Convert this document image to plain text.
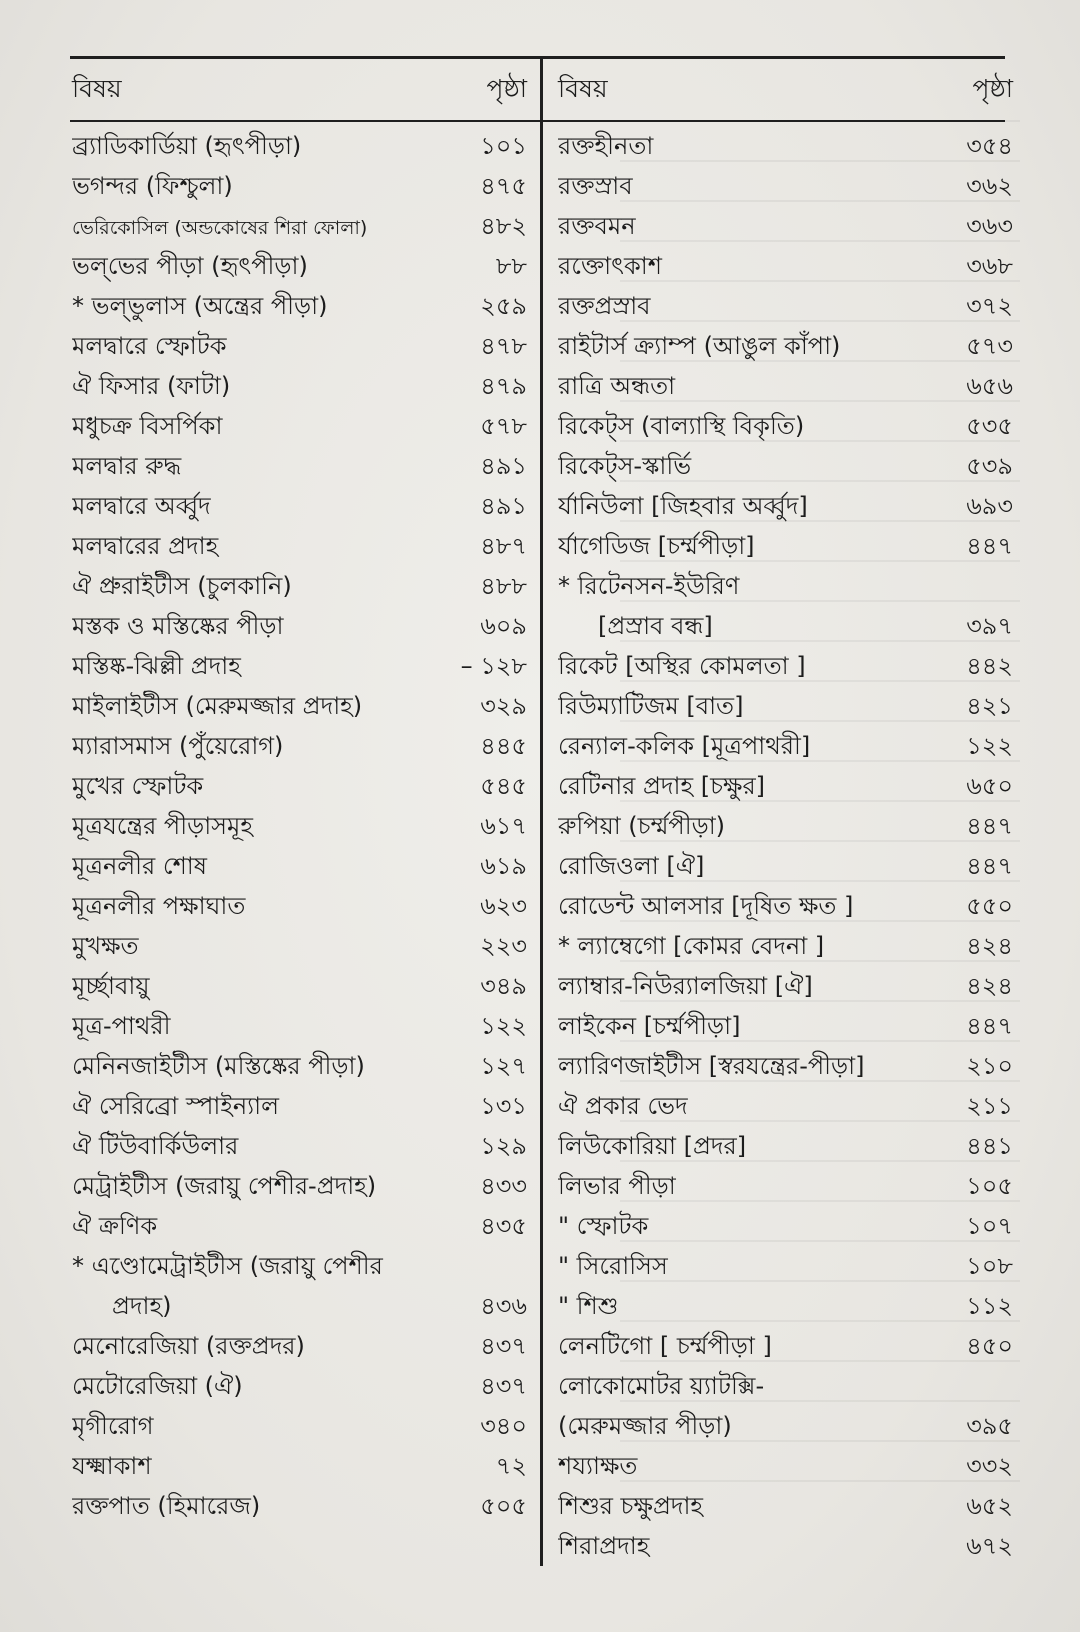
বিষয়	পৃষ্ঠা
ব্র্যাডিকার্ডিয়া (হৃৎপীড়া)	১০১
ভগন্দর (ফিশ্চুলা)	৪৭৫
ভেরিকোসিল (অন্ডকোষের শিরা ফোলা)	৪৮২
ভল্‌ভের পীড়া (হৃৎপীড়া)	৮৮
* ভল্‌ভুলাস (অন্ত্রের পীড়া)	২৫৯
মলদ্বারে স্ফোটক	৪৭৮
ঐ ফিসার (ফাটা)	৪৭৯
মধুচক্র বিসর্পিকা	৫৭৮
মলদ্বার রুদ্ধ	৪৯১
মলদ্বারে অর্ব্বুদ	৪৯১
মলদ্বারের প্রদাহ	৪৮৭
ঐ প্রুরাইটীস (চুলকানি)	৪৮৮
মস্তক ও মস্তিষ্কের পীড়া	৬০৯
মস্তিষ্ক-ঝিল্লী প্রদাহ	– ১২৮
মাইলাইটীস (মেরুমজ্জার প্রদাহ)	৩২৯
ম্যারাসমাস (পুঁয়েরোগ)	৪৪৫
মুখের স্ফোটক	৫৪৫
মূত্রযন্ত্রের পীড়াসমূহ	৬১৭
মূত্রনলীর শোষ	৬১৯
মূত্রনলীর পক্ষাঘাত	৬২৩
মুখক্ষত	২২৩
মূর্চ্ছাবায়ু	৩৪৯
মূত্র-পাথরী	১২২
মেনিনজাইটীস (মস্তিষ্কের পীড়া)	১২৭
ঐ সেরিব্রো স্পাইন্যাল	১৩১
ঐ টিউবার্কিউলার	১২৯
মেট্রাইটীস (জরায়ু পেশীর-প্রদাহ)	৪৩৩
ঐ ক্রণিক	৪৩৫
* এণ্ডোমেট্রাইটীস (জরায়ু পেশীর
প্রদাহ)	৪৩৬
মেনোরেজিয়া (রক্তপ্রদর)	৪৩৭
মেটোরেজিয়া (ঐ)	৪৩৭
মৃগীরোগ	৩৪০
যক্ষ্মাকাশ	৭২
রক্তপাত (হিমারেজ)	৫০৫
বিষয়	পৃষ্ঠা
রক্তহীনতা	৩৫৪
রক্তস্রাব	৩৬২
রক্তবমন	৩৬৩
রক্তোৎকাশ	৩৬৮
রক্তপ্রস্রাব	৩৭২
রাইটার্স ক্র্যাম্প (আঙুল কাঁপা)	৫৭৩
রাত্রি অন্ধতা	৬৫৬
রিকেট্‌স (বাল্যাস্থি বিকৃতি)	৫৩৫
রিকেট্‌স-স্কার্ভি	৫৩৯
র্যানিউলা [জিহবার অর্ব্বুদ]	৬৯৩
র্যাগেডিজ [চর্ম্মপীড়া]	৪৪৭
* রিটেনসন-ইউরিণ
[প্রস্রাব বন্ধ]	৩৯৭
রিকেট [অস্থির কোমলতা ]	৪৪২
রিউম্যাটিজম [বাত]	৪২১
রেন্যাল-কলিক [মূত্রপাথরী]	১২২
রেটিনার প্রদাহ [চক্ষুর]	৬৫০
রুপিয়া (চর্ম্মপীড়া)	৪৪৭
রোজিওলা [ঐ]	৪৪৭
রোডেন্ট আলসার [দূষিত ক্ষত ]	৫৫০
* ল্যাম্বেগো [কোমর বেদনা ]	৪২৪
ল্যাম্বার-নিউর‍্যালজিয়া [ঐ]	৪২৪
লাইকেন [চর্ম্মপীড়া]	৪৪৭
ল্যারিণজাইটীস [স্বরযন্ত্রের-পীড়া]	২১০
ঐ প্রকার ভেদ	২১১
লিউকোরিয়া [প্রদর]	৪৪১
লিভার পীড়া	১০৫
" স্ফোটক	১০৭
" সিরোসিস	১০৮
" শিশু	১১২
লেনটিগো [ চর্ম্মপীড়া ]	৪৫০
লোকোমোটর য়্যাটক্সি-
(মেরুমজ্জার পীড়া)	৩৯৫
শয্যাক্ষত	৩৩২
শিশুর চক্ষুপ্রদাহ	৬৫২
শিরাপ্রদাহ	৬৭২
